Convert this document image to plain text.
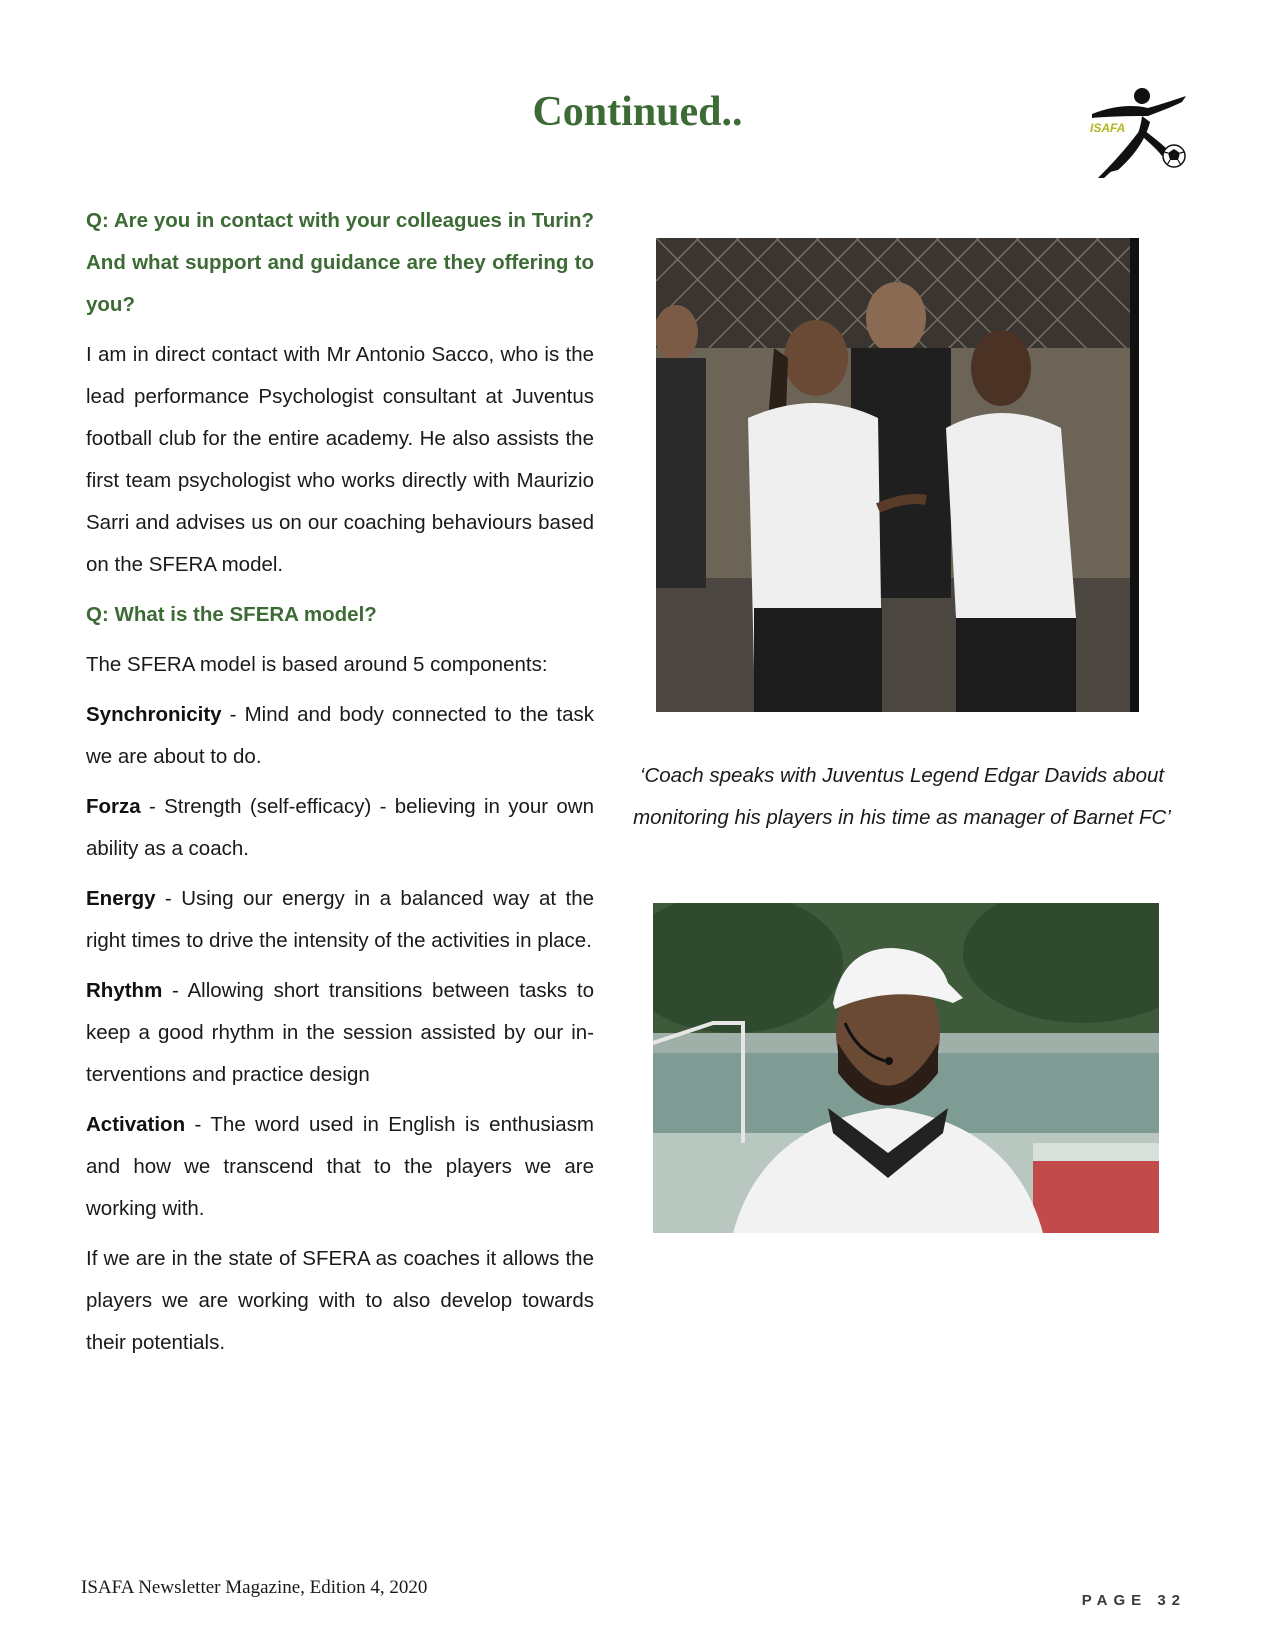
Continued..	ISAFA

Q: Are you in contact with your colleagues in Turin? And what support and guidance are they offering to you?

I am in direct contact with Mr Antonio Sacco, who is the lead performance Psychologist consultant at Juventus football club for the entire academy. He also assists the first team psychologist who works directly with Maurizio Sarri and advises us on our coaching behaviours based on the SFERA model.

Q: What is the SFERA model?

The SFERA model is based around 5 components:

Synchronicity - Mind and body connected to the task we are about to do.

Forza - Strength (self-efficacy) - believing in your own ability as a coach.

Energy - Using our energy in a balanced way at the right times to drive the intensity of the activities in place.

Rhythm - Allowing short transitions between tasks to keep a good rhythm in the session assisted by our interventions and practice design

Activation - The word used in English is enthusiasm and how we transcend that to the players we are working with.

If we are in the state of SFERA as coaches it allows the players we are working with to also develop towards their potentials.

‘Coach speaks with Juventus Legend Edgar Davids about monitoring his players in his time as manager of Barnet FC’

ISAFA Newsletter Magazine, Edition 4, 2020

PAGE 32
